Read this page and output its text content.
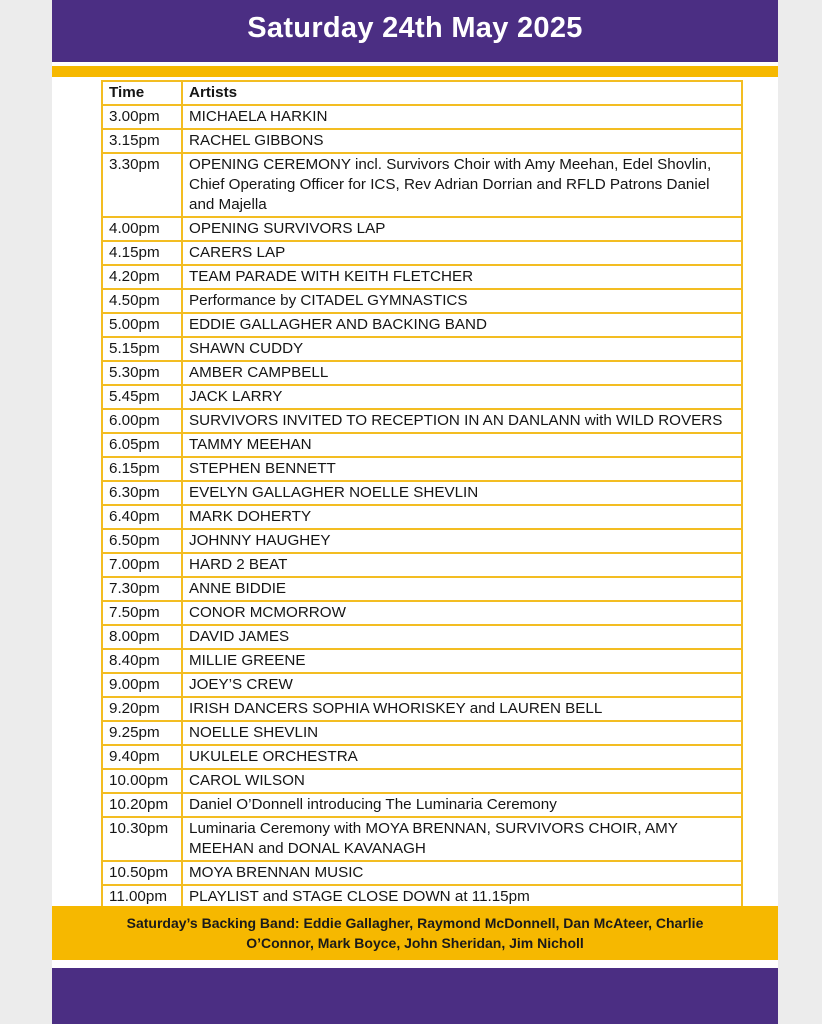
Saturday 24th May 2025
Time	Artists
3.00pm	MICHAELA HARKIN
3.15pm	RACHEL GIBBONS
3.30pm	OPENING CEREMONY incl. Survivors Choir with Amy Meehan, Edel Shovlin, Chief Operating Officer for ICS, Rev Adrian Dorrian and RFLD Patrons Daniel and Majella
4.00pm	OPENING SURVIVORS LAP
4.15pm	CARERS LAP
4.20pm	TEAM PARADE WITH KEITH FLETCHER
4.50pm	Performance by CITADEL GYMNASTICS
5.00pm	EDDIE GALLAGHER AND BACKING BAND
5.15pm	SHAWN CUDDY
5.30pm	AMBER CAMPBELL
5.45pm	JACK LARRY
6.00pm	SURVIVORS INVITED TO RECEPTION IN AN DANLANN with WILD ROVERS
6.05pm	TAMMY MEEHAN
6.15pm	STEPHEN BENNETT
6.30pm	EVELYN GALLAGHER NOELLE SHEVLIN
6.40pm	MARK DOHERTY
6.50pm	JOHNNY HAUGHEY
7.00pm	HARD 2 BEAT
7.30pm	ANNE BIDDIE
7.50pm	CONOR MCMORROW
8.00pm	DAVID JAMES
8.40pm	MILLIE GREENE
9.00pm	JOEY’S CREW
9.20pm	IRISH DANCERS SOPHIA WHORISKEY and LAUREN BELL
9.25pm	NOELLE SHEVLIN
9.40pm	UKULELE ORCHESTRA
10.00pm	CAROL WILSON
10.20pm	Daniel O’Donnell introducing The Luminaria Ceremony
10.30pm	Luminaria Ceremony with MOYA BRENNAN, SURVIVORS CHOIR, AMY MEEHAN and DONAL KAVANAGH
10.50pm	MOYA BRENNAN MUSIC
11.00pm	PLAYLIST and STAGE CLOSE DOWN at 11.15pm
Saturday’s Backing Band: Eddie Gallagher, Raymond McDonnell, Dan McAteer, Charlie O’Connor, Mark Boyce, John Sheridan, Jim Nicholl
